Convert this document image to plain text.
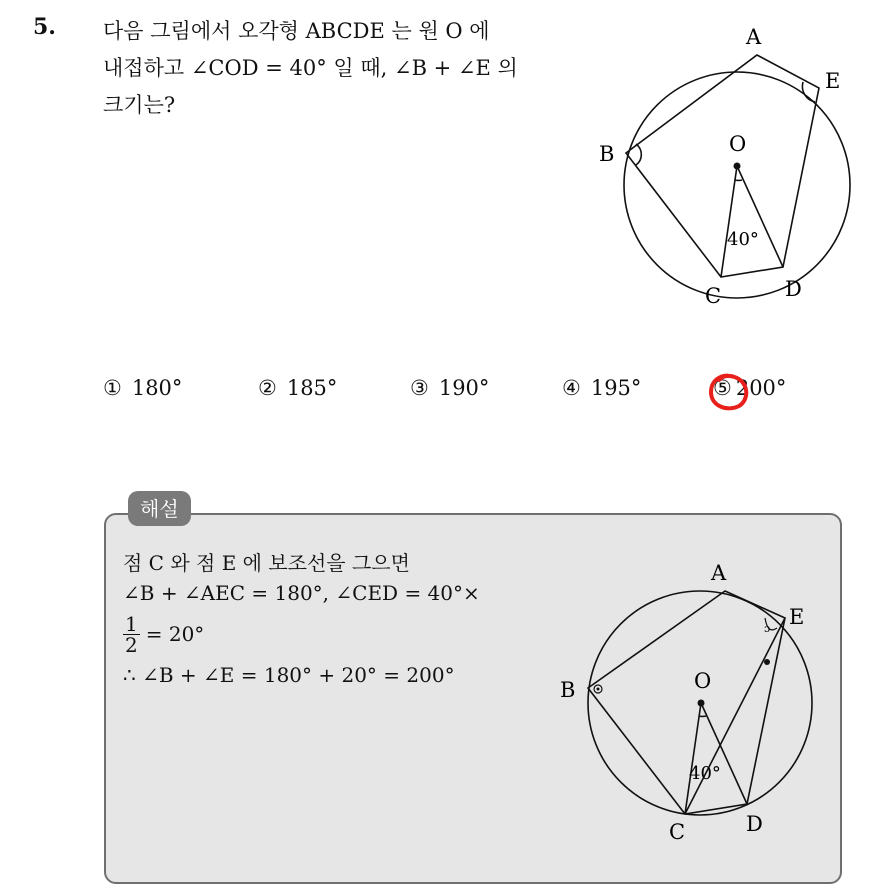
5. 다음 그림에서 오각형 ABCDE 는 원 O 에
내접하고 ∠COD = 40° 일 때, ∠B + ∠E 의
크기는?
A
E
B	O
C	D
40°
① 180°	② 185°	③ 190°	④ 195°	⑤ 200°
해설
점 C 와 점 E 에 보조선을 그으면
∠B + ∠AEC = 180°, ∠CED = 40°×
$\frac{1}{2} = 20^\circ$
∴ ∠B + ∠E = 180° + 20° = 200°
ɔ
A
E
B	O
C	D
40°
